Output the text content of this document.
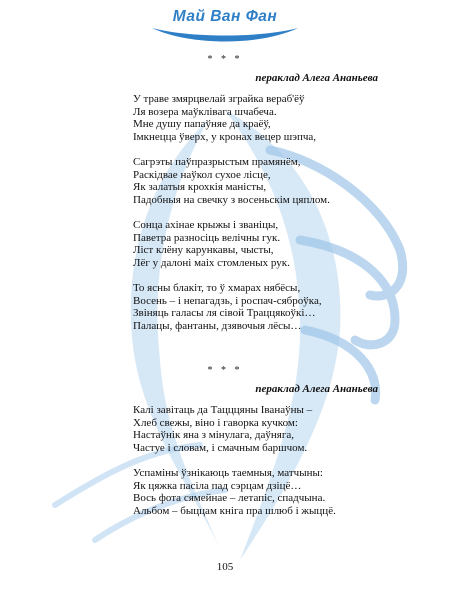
Май Ван Фан
* * *
пераклад Алега Ананьева
У траве змярцвелай зграйка вераб'ёў
Ля возера маўклівага шчабеча.
Мне душу папаўняе да краёў,
Імкнецца ўверх, у кронах вецер шэпча,
Сагрэты паўпразрыстым прамянём,
Раскідвае наўкол сухое лісце,
Як залатыя крохкія маністы,
Падобныя на свечку з восеньскім цяплом.
Сонца ахінае крыжы і званіцы,
Паветра разносіць велічны гук.
Ліст клёну карункавы, чысты,
Лёг у далоні маіх стомленых рук.
То ясны блакіт, то ў хмарах нябёсы,
Восень – і непагадзь, і роспач-сяброўка,
Звіняць галасы ля сівой Траццякоўкі…
Палацы, фантаны, дзявочыя лёсы…
* * *
пераклад Алега Ананьева
Калі завітаць да Тацццяны Іванаўны –
Хлеб свежы, віно і гаворка кучком:
Настаўнік яна з мінулага, даўняга,
Частуе і словам, і смачным баршчом.
Успаміны ўзнікаюць таемныя, матчыны:
Як цяжка пасіла пад сэрцам дзіцё…
Вось фота сямейнае – летапіс, спадчына.
Альбом – быццам кніга пра шлюб і жыццё.
105
